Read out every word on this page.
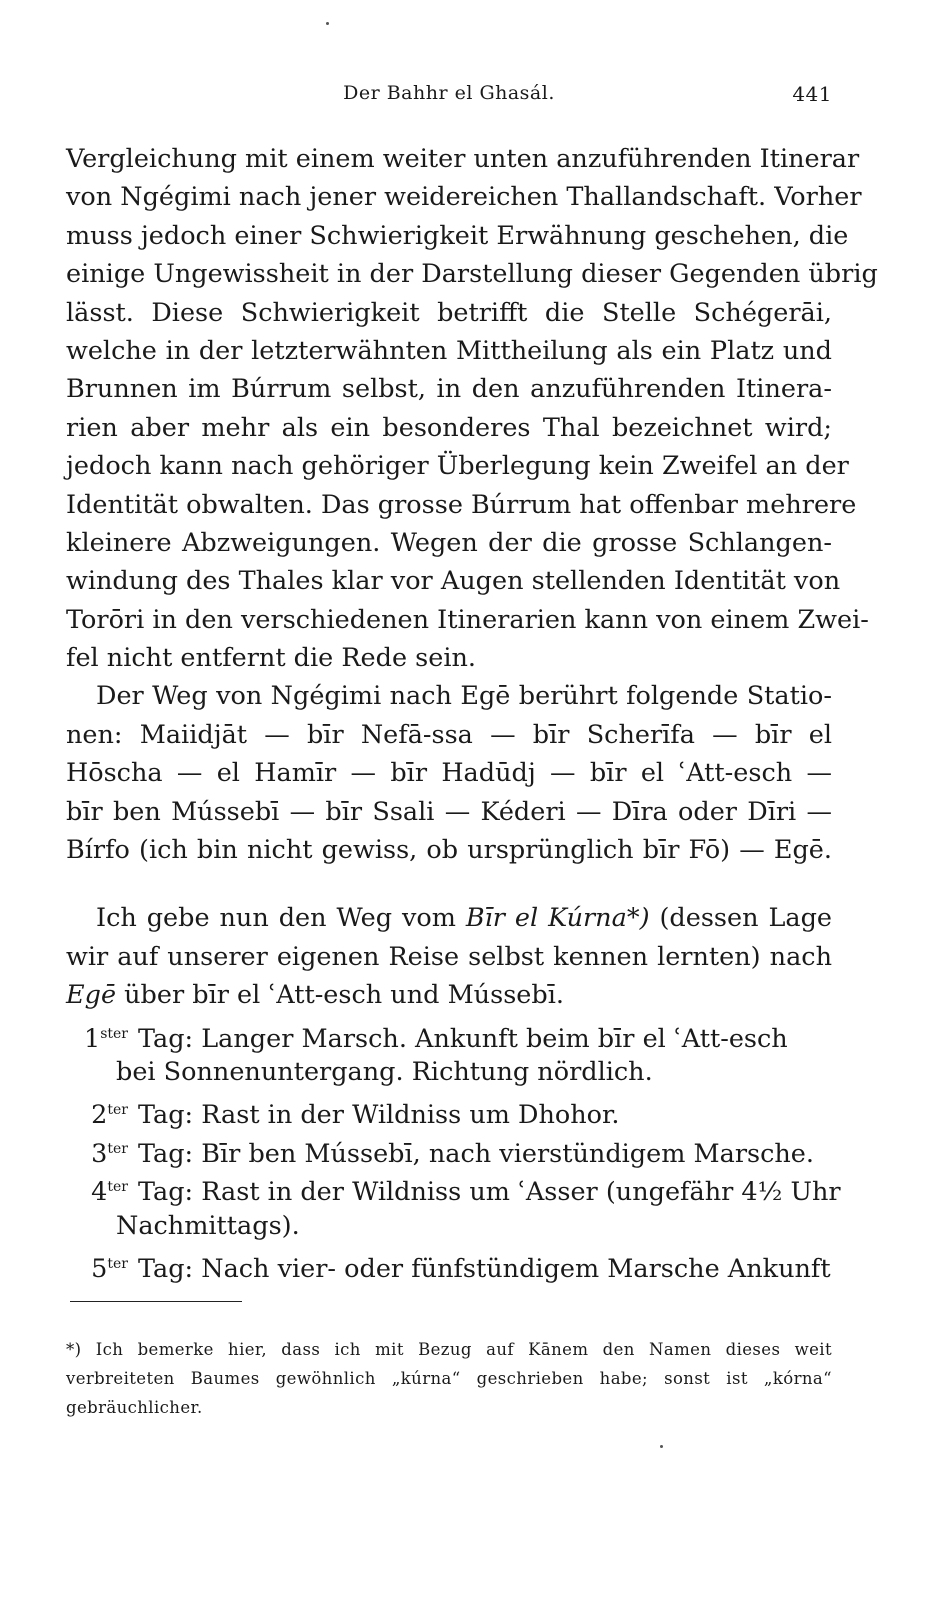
Der Bahhr el Ghasál.	441
Vergleichung mit einem weiter unten anzuführenden Itinerar
von Ngégimi nach jener weidereichen Thallandschaft. Vorher
muss jedoch einer Schwierigkeit Erwähnung geschehen, die
einige Ungewissheit in der Darstellung dieser Gegenden übrig
lässt. Diese Schwierigkeit betrifft die Stelle Schégerāi,
welche in der letzterwähnten Mittheilung als ein Platz und
Brunnen im Búrrum selbst, in den anzuführenden Itinera-
rien aber mehr als ein besonderes Thal bezeichnet wird;
jedoch kann nach gehöriger Überlegung kein Zweifel an der
Identität obwalten. Das grosse Búrrum hat offenbar mehrere
kleinere Abzweigungen. Wegen der die grosse Schlangen-
windung des Thales klar vor Augen stellenden Identität von
Torōri in den verschiedenen Itinerarien kann von einem Zwei-
fel nicht entfernt die Rede sein.
Der Weg von Ngégimi nach Egē berührt folgende Statio-
nen: Maiidjāt — bīr Nefā-ssa — bīr Scherīfa — bīr el
Hōscha — el Hamīr — bīr Hadūdj — bīr el ʿAtt-esch —
bīr ben Mússebī — bīr Ssali — Kéderi — Dīra oder Dīri —
Bírfo (ich bin nicht gewiss, ob ursprünglich bīr Fō) — Egē.
Ich gebe nun den Weg vom Bīr el Kúrna*) (dessen Lage
wir auf unserer eigenen Reise selbst kennen lernten) nach
Egē über bīr el ʿAtt-esch und Mússebī.
$1^{ster}$ Tag: Langer Marsch. Ankunft beim bīr el ʿAtt-esch
bei Sonnenuntergang. Richtung nördlich.
$2^{ter}$ Tag: Rast in der Wildniss um Dhohor.
$3^{ter}$ Tag: Bīr ben Mússebī, nach vierstündigem Marsche.
$4^{ter}$ Tag: Rast in der Wildniss um ʿAsser (ungefähr 4½ Uhr
Nachmittags).
$5^{ter}$ Tag: Nach vier- oder fünfstündigem Marsche Ankunft
*) Ich bemerke hier, dass ich mit Bezug auf Kānem den Namen dieses weit
verbreiteten Baumes gewöhnlich „kúrna“ geschrieben habe; sonst ist „kórna“
gebräuchlicher.
